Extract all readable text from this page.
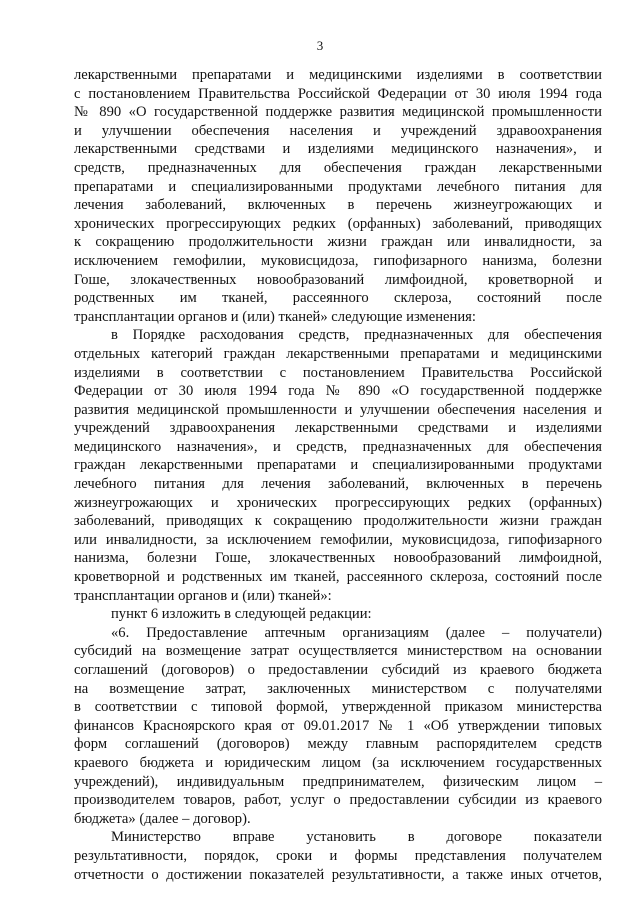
3
лекарственными препаратами и медицинскими изделиями в соответствии
с постановлением Правительства Российской Федерации от 30 июля 1994 года
№ 890 «О государственной поддержке развития медицинской промышленности
и улучшении обеспечения населения и учреждений здравоохранения
лекарственными средствами и изделиями медицинского назначения», и
средств, предназначенных для обеспечения граждан лекарственными
препаратами и специализированными продуктами лечебного питания для
лечения заболеваний, включенных в перечень жизнеугрожающих и
хронических прогрессирующих редких (орфанных) заболеваний, приводящих
к сокращению продолжительности жизни граждан или инвалидности, за
исключением гемофилии, муковисцидоза, гипофизарного нанизма, болезни
Гоше, злокачественных новообразований лимфоидной, кроветворной и
родственных им тканей, рассеянного склероза, состояний после
трансплантации органов и (или) тканей» следующие изменения:
в Порядке расходования средств, предназначенных для обеспечения
отдельных категорий граждан лекарственными препаратами и медицинскими
изделиями в соответствии с постановлением Правительства Российской
Федерации от 30 июля 1994 года № 890 «О государственной поддержке
развития медицинской промышленности и улучшении обеспечения населения и
учреждений здравоохранения лекарственными средствами и изделиями
медицинского назначения», и средств, предназначенных для обеспечения
граждан лекарственными препаратами и специализированными продуктами
лечебного питания для лечения заболеваний, включенных в перечень
жизнеугрожающих и хронических прогрессирующих редких (орфанных)
заболеваний, приводящих к сокращению продолжительности жизни граждан
или инвалидности, за исключением гемофилии, муковисцидоза, гипофизарного
нанизма, болезни Гоше, злокачественных новообразований лимфоидной,
кроветворной и родственных им тканей, рассеянного склероза, состояний после
трансплантации органов и (или) тканей»:
пункт 6 изложить в следующей редакции:
«6. Предоставление аптечным организациям (далее – получатели)
субсидий на возмещение затрат осуществляется министерством на основании
соглашений (договоров) о предоставлении субсидий из краевого бюджета
на возмещение затрат, заключенных министерством с получателями
в соответствии с типовой формой, утвержденной приказом министерства
финансов Красноярского края от 09.01.2017 № 1 «Об утверждении типовых
форм соглашений (договоров) между главным распорядителем средств
краевого бюджета и юридическим лицом (за исключением государственных
учреждений), индивидуальным предпринимателем, физическим лицом –
производителем товаров, работ, услуг о предоставлении субсидии из краевого
бюджета» (далее – договор).
Министерство вправе установить в договоре показатели
результативности, порядок, сроки и формы представления получателем
отчетности о достижении показателей результативности, а также иных отчетов,
